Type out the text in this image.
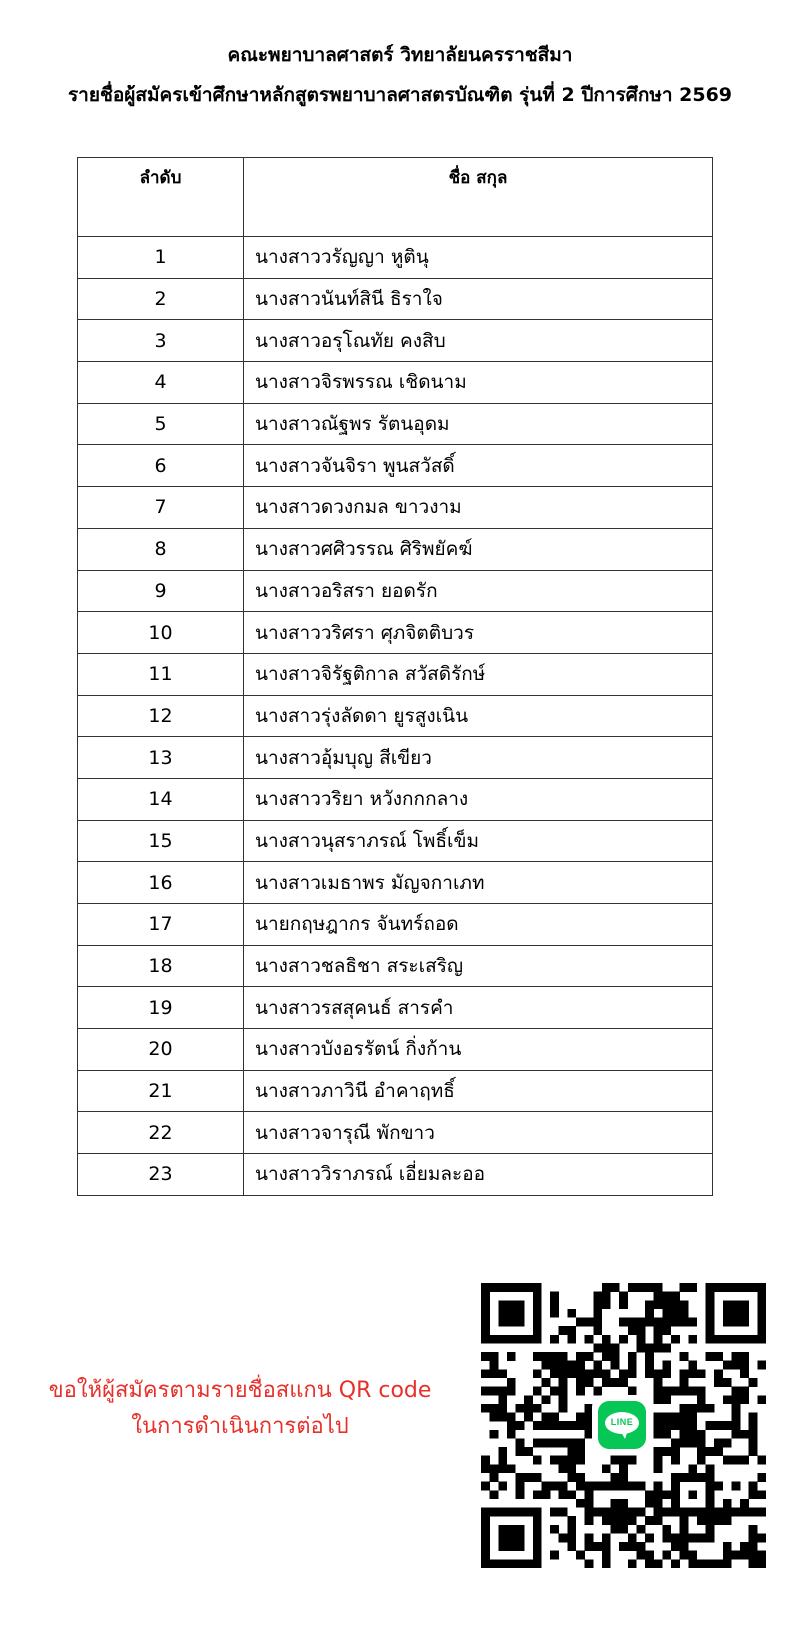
คณะพยาบาลศาสตร์ วิทยาลัยนครราชสีมา
รายชื่อผู้สมัครเข้าศึกษาหลักสูตรพยาบาลศาสตรบัณฑิต รุ่นที่ 2 ปีการศึกษา 2569
ลำดับ	ชื่อ สกุล
1	นางสาววรัญญา หูตินุ
2	นางสาวนันท์สินี ธิราใจ
3	นางสาวอรุโณทัย คงสิบ
4	นางสาวจิรพรรณ เชิดนาม
5	นางสาวณัฐพร รัตนอุดม
6	นางสาวจันจิรา พูนสวัสดิ์
7	นางสาวดวงกมล ขาวงาม
8	นางสาวศศิวรรณ ศิริพยัคฆ์
9	นางสาวอริสรา ยอดรัก
10	นางสาววริศรา ศุภจิตติบวร
11	นางสาวจิรัฐติกาล สวัสดิรักษ์
12	นางสาวรุ่งลัดดา ยูรสูงเนิน
13	นางสาวอุ้มบุญ สีเขียว
14	นางสาววริยา หวังกกกลาง
15	นางสาวนุสราภรณ์ โพธิ์เข็ม
16	นางสาวเมธาพร มัญจกาเภท
17	นายกฤษฎากร จันทร์ถอด
18	นางสาวชลธิชา สระเสริญ
19	นางสาวรสสุคนธ์ สารคำ
20	นางสาวบังอรรัตน์ กิ่งก้าน
21	นางสาวภาวินี อำคาฤทธิ์
22	นางสาวจารุณี พักขาว
23	นางสาววิราภรณ์ เอี่ยมละออ
ขอให้ผู้สมัครตามรายชื่อสแกน QR code
ในการดำเนินการต่อไป	LINE
